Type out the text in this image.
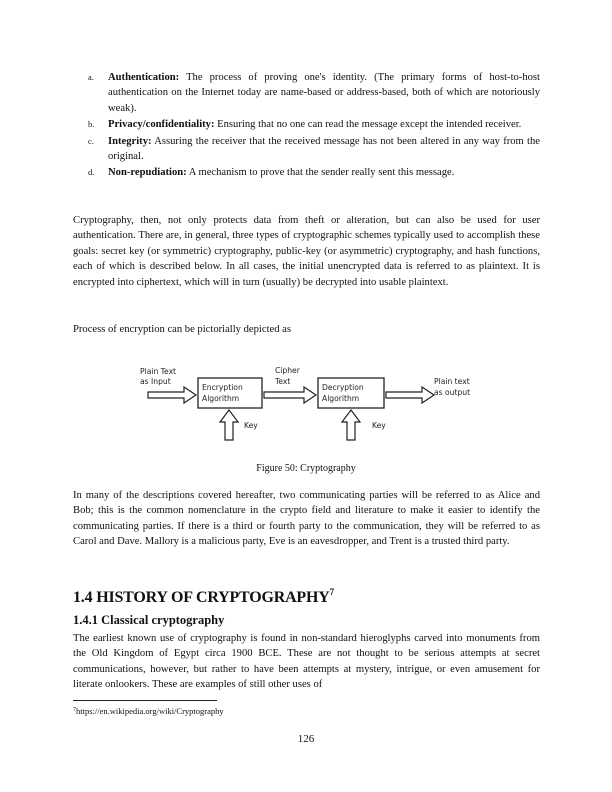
a. Authentication: The process of proving one's identity. (The primary forms of host-to-host authentication on the Internet today are name-based or address-based, both of which are notoriously weak).
b. Privacy/confidentiality: Ensuring that no one can read the message except the intended receiver.
c. Integrity: Assuring the receiver that the received message has not been altered in any way from the original.
d. Non-repudiation: A mechanism to prove that the sender really sent this message.

Cryptography, then, not only protects data from theft or alteration, but can also be used for user authentication. There are, in general, three types of cryptographic schemes typically used to accomplish these goals: secret key (or symmetric) cryptography, public-key (or asymmetric) cryptography, and hash functions, each of which is described below. In all cases, the initial unencrypted data is referred to as plaintext. It is encrypted into ciphertext, which will in turn (usually) be decrypted into usable plaintext.

Process of encryption can be pictorially depicted as

Plain Text
as Input
Encryption
Algorithm
Cipher
Text
Decryption
Algorithm
Plain text
as output
Key	Key
Figure 50: Cryptography

In many of the descriptions covered hereafter, two communicating parties will be referred to as Alice and Bob; this is the common nomenclature in the crypto field and literature to make it easier to identify the communicating parties. If there is a third or fourth party to the communication, they will be referred to as Carol and Dave. Mallory is a malicious party, Eve is an eavesdropper, and Trent is a trusted third party.

1.4 HISTORY OF CRYPTOGRAPHY$^7$
1.4.1 Classical cryptography

The earliest known use of cryptography is found in non-standard hieroglyphs carved into monuments from the Old Kingdom of Egypt circa 1900 BCE. These are not thought to be serious attempts at secret communications, however, but rather to have been attempts at mystery, intrigue, or even amusement for literate onlookers. These are examples of still other uses of

$^7$https://en.wikipedia.org/wiki/Cryptography
126
